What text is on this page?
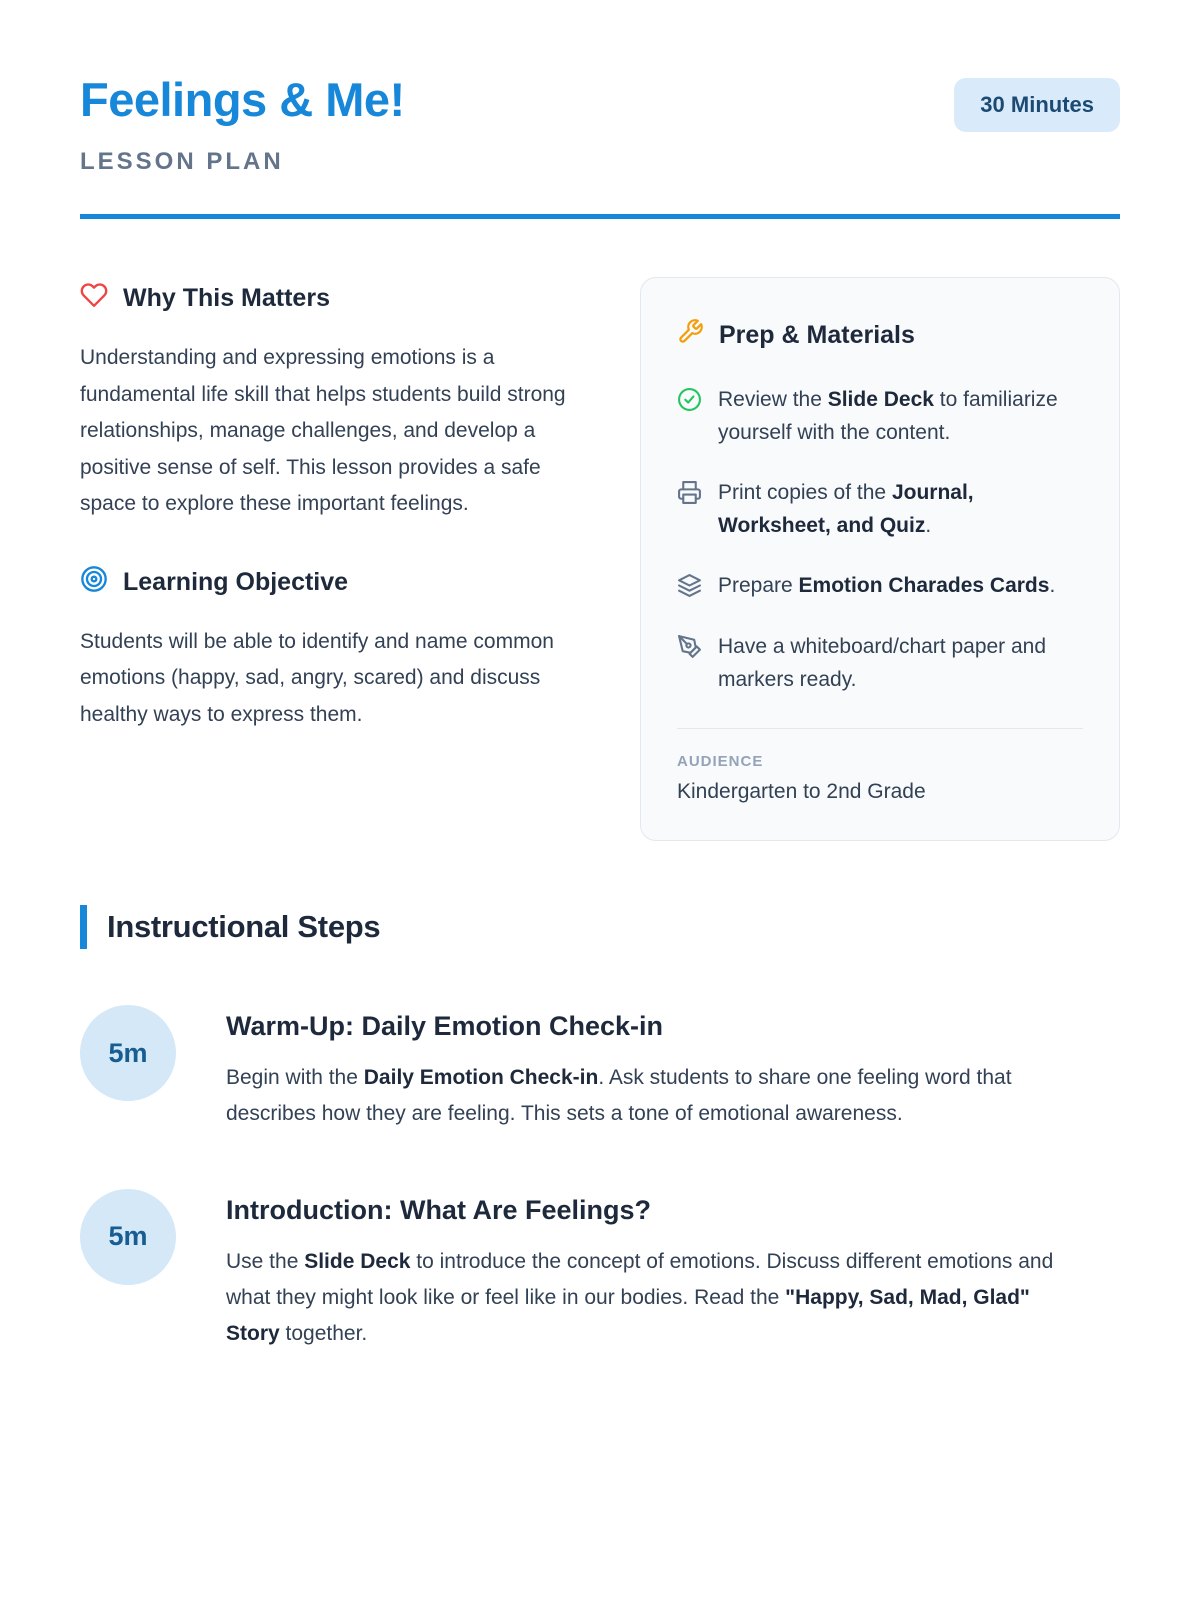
Feelings & Me!	30 Minutes
LESSON PLAN
Why This Matters

Understanding and expressing emotions is a fundamental life skill that helps students build strong relationships, manage challenges, and develop a positive sense of self. This lesson provides a safe space to explore these important feelings.

Learning Objective

Students will be able to identify and name common emotions (happy, sad, angry, scared) and discuss healthy ways to express them.

Prep & Materials

Review the Slide Deck to familiarize yourself with the content.

Print copies of the Journal, Worksheet, and Quiz.

Prepare Emotion Charades Cards.

Have a whiteboard/chart paper and markers ready.

AUDIENCE
Kindergarten to 2nd Grade
Instructional Steps
5m
Warm-Up: Daily Emotion Check-in

Begin with the Daily Emotion Check-in. Ask students to share one feeling word that describes how they are feeling. This sets a tone of emotional awareness.

5m
Introduction: What Are Feelings?

Use the Slide Deck to introduce the concept of emotions. Discuss different emotions and what they might look like or feel like in our bodies. Read the "Happy, Sad, Mad, Glad" Story together.
